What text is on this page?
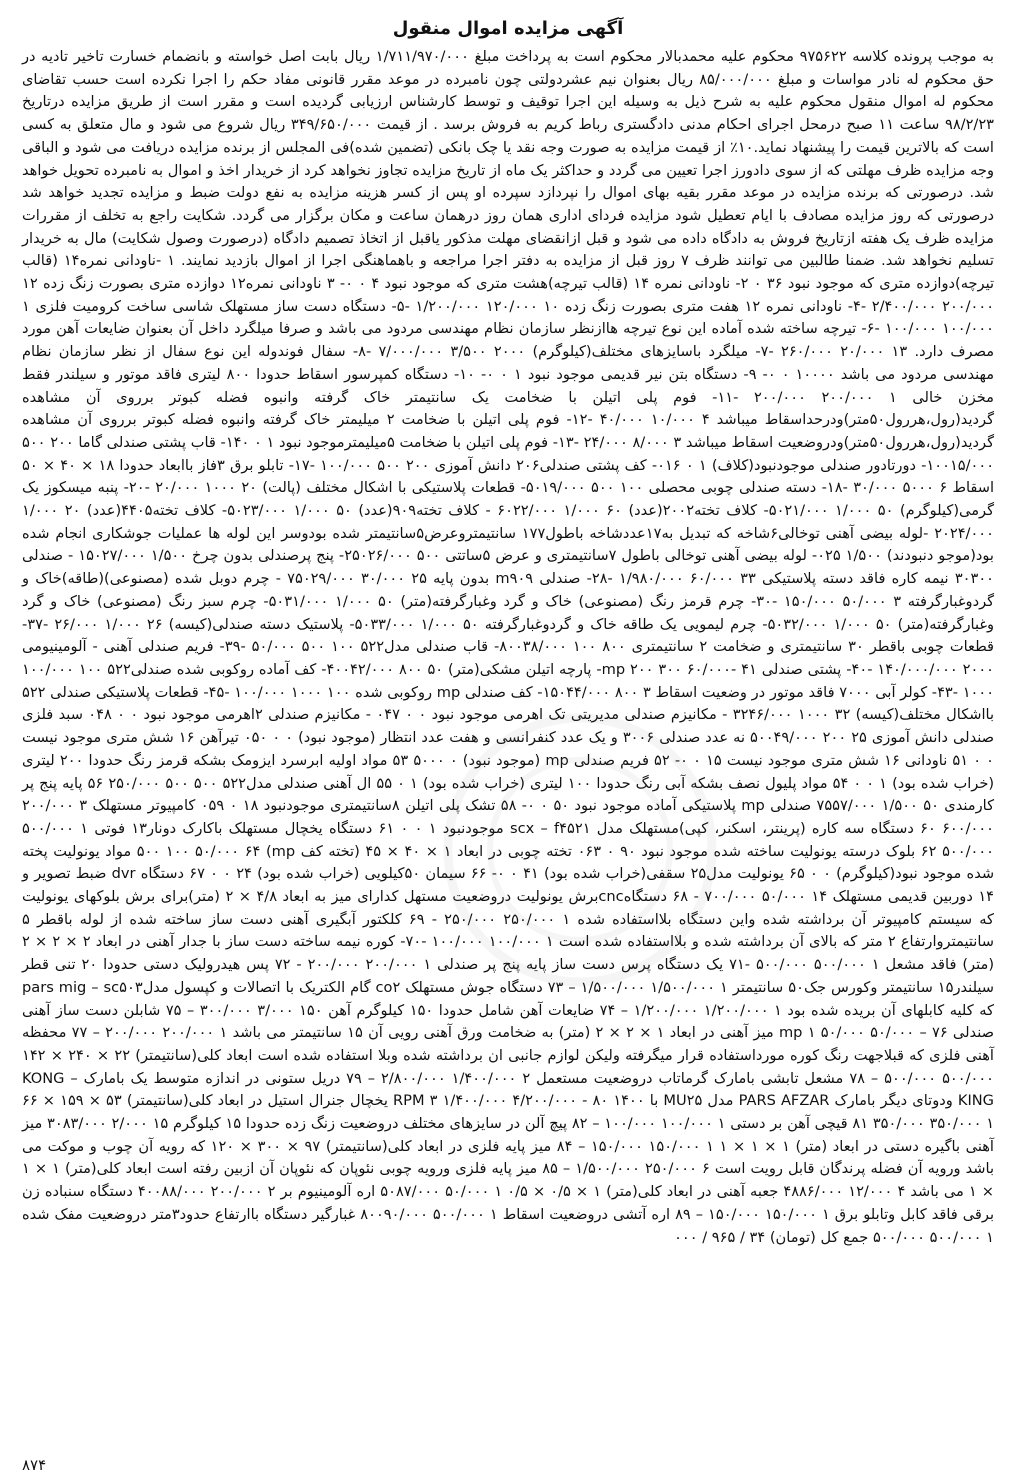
آگهی مزایده اموال منقول
به موجب پرونده کلاسه ۹۷۵۶۲۲ محکوم علیه محمدبالار محکوم است به پرداخت مبلغ ۱/۷۱۱/۹۷۰/۰۰۰ ریال بابت اصل خواسته و بانضمام خسارت تاخیر تادیه در حق محکوم له نادر مواسات و مبلغ ۸۵/۰۰۰/۰۰۰ ریال بعنوان نیم عشردولتی چون نامبرده در موعد مقرر قانونی مفاد حکم را اجرا نکرده است حسب تقاضای محکوم له اموال منقول محکوم علیه به شرح ذیل به وسیله این اجرا توقیف و توسط کارشناس ارزیابی گردیده است و مقرر است از طریق مزایده درتاریخ ۹۸/۲/۲۳ ساعت ۱۱ صبح درمحل اجرای احکام مدنی دادگستری رباط کریم به فروش برسد . از قیمت ۳۴۹/۶۵۰/۰۰۰ ریال شروع می شود و مال متعلق به کسی است که بالاترین قیمت را پیشنهاد نماید.۱۰٪ از قیمت مزایده به صورت وجه نقد یا چک بانکی (تضمین شده)فی المجلس از برنده مزایده دریافت می شود و الباقی وجه مزایده ظرف مهلتی که از سوی دادورز اجرا تعیین می گردد و حداکثر یک ماه از تاریخ مزایده تجاوز نخواهد کرد از خریدار اخذ و اموال به نامبرده تحویل خواهد شد. درصورتی که برنده مزایده در موعد مقرر بقیه بهای اموال را نپردازد سپرده او پس از کسر هزینه مزایده به نفع دولت ضبط و مزایده تجدید خواهد شد درصورتی که روز مزایده مصادف با ایام تعطیل شود مزایده فردای اداری همان روز درهمان ساعت و مکان برگزار می گردد. شکایت راجع به تخلف از مقررات مزایده ظرف یک هفته ازتاریخ فروش به دادگاه داده می شود و قبل ازانقضای مهلت مذکور یاقبل از اتخاذ تصمیم دادگاه (درصورت وصول شکایت) مال به خریدار تسلیم نخواهد شد. ضمنا طالبین می توانند ظرف ۷ روز قبل از مزایده به دفتر اجرا مراجعه و باهماهنگی اجرا از اموال بازدید نمایند. ۱ -ناودانی نمره۱۴ (قالب تیرچه)دوازده متری که موجود نبود ۳۶ ۰ ۲- ناودانی نمره ۱۴ (قالب تیرچه)هشت متری که موجود نبود ۴ ۰ ۰- ۳ ناودانی نمره۱۲ دوازده متری بصورت زنگ زده ۱۲ ۲۰۰/۰۰۰ ۲/۴۰۰/۰۰۰ -۴- ناودانی نمره ۱۲ هفت متری بصورت زنگ زده ۱۰ ۱۲۰/۰۰۰ ۱/۲۰۰/۰۰۰ -۵- دستگاه دست ساز مستهلک شاسی ساخت کرومیت فلزی ۱ ۱۰۰/۰۰۰ ۱۰۰/۰۰۰ -۶- تیرچه ساخته شده آماده این نوع تیرچه هاازنظر سازمان نظام مهندسی مردود می باشد و صرفا میلگرد داخل آن بعنوان ضایعات آهن مورد مصرف دارد. ۱۳ ۲۰/۰۰۰ ۲۶۰/۰۰۰ -۷- میلگرد باسایزهای مختلف(کیلوگرم) ۲۰۰۰ ۳/۵۰۰ ۷/۰۰۰/۰۰۰ -۸- سفال فوندوله این نوع سفال از نظر سازمان نظام مهندسی مردود می باشد ۱۰۰۰۰ ۰ ۰- ۹- دستگاه بتن نیر قدیمی موجود نبود ۱ ۰ ۰- ۱۰- دستگاه کمپرسور اسقاط حدودا ۸۰۰ لیتری فاقد موتور و سیلندر فقط مخزن خالی ۱ ۲۰۰/۰۰۰ ۲۰۰/۰۰۰ -۱۱- فوم پلی اتیلن با ضخامت یک سانتیمتر خاک گرفته وانبوه فضله کبوتر برروی آن مشاهده گردید(رول،هررول۵۰متر)ودرحداسقاط میباشد ۴ ۱۰/۰۰۰ ۴۰/۰۰۰ -۱۲- فوم پلی اتیلن با ضخامت ۲ میلیمتر خاک گرفته وانبوه فضله کبوتر برروی آن مشاهده گردید(رول،هررول۵۰متر)ودروضعیت اسقاط میباشد ۳ ۸/۰۰۰ ۲۴/۰۰۰ -۱۳- فوم پلی اتیلن با ضخامت ۵میلیمترموجود نبود ۱ ۰ ۱۴۰- قاب پشتی صندلی گاما ۲۰۰ ۵۰۰ ۱۰۰۱۵/۰۰۰- دورتادور صندلی موجودنبود(کلاف) ۱ ۰ ۰۱۶- کف پشتی صندلی۲۰۶ دانش آموزی ۲۰۰ ۵۰۰ ۱۰۰/۰۰۰ -۱۷- تابلو برق ۳فاز باابعاد حدودا ۱۸ × ۴۰ × ۵۰ اسقاط ۶ ۵۰۰۰ ۳۰/۰۰۰ -۱۸- دسته صندلی چوبی محصلی ۱۰۰ ۵۰۰ ۵۰۱۹/۰۰۰- قطعات پلاستیکی با اشکال مختلف (پالت) ۲۰ ۱۰۰۰ ۲۰/۰۰۰ -۲۰- پنبه میسکوز یک گرمی(کیلوگرم) ۵۰ ۱/۰۰۰ ۵۰۲۱/۰۰۰- کلاف تخته۲۰۰۲(عدد) ۶۰ ۱/۰۰۰ ۶۰۲۲/۰۰۰ - کلاف تخته۹۰۹(عدد) ۵۰ ۱/۰۰۰ ۵۰۲۳/۰۰۰- کلاف تخته۴۴۰۵(عدد) ۲۰ ۱/۰۰۰ ۲۰۲۴/۰۰۰ -لوله بیضی آهنی توخالی۶شاخه که تبدیل به۱۷عددشاخه باطول۱۷۷ سانتیمتروعرض۵سانتیمتر شده بودوسر این لوله ها عملیات جوشکاری انجام شده بود(موجو دنبودند) ۱/۵۰۰ ۰۲۵- لوله بیضی آهنی توخالی باطول ۷سانتیمتری و عرض ۵ساتتی ۵۰۰ ۲۵۰۲۶/۰۰۰- پنج پرصندلی بدون چرخ ۱/۵۰۰ ۱۵۰۲۷/۰۰۰ - صندلی ۳۰۳۰۰ نیمه کاره فاقد دسته پلاستیکی ۳۳ ۶۰/۰۰۰ ۱/۹۸۰/۰۰۰ -۲۸- صندلی m۹۰۹ بدون پایه ۲۵ ۳۰/۰۰۰ ۷۵۰۲۹/۰۰۰ - چرم دوبل شده (مصنوعی)(طاقه)خاک و گردوغبارگرفته ۳ ۵۰/۰۰۰ ۱۵۰/۰۰۰ -۳۰- چرم قرمز رنگ (مصنوعی) خاک و گرد وغبارگرفته(متر) ۵۰ ۱/۰۰۰ ۵۰۳۱/۰۰۰- چرم سبز رنگ (مصنوعی) خاک و گرد وغبارگرفته(متر) ۵۰ ۱/۰۰۰ ۵۰۳۲/۰۰۰- چرم لیمویی یک طاقه خاک و گردوغبارگرفته ۵۰ ۱/۰۰۰ ۵۰۳۳/۰۰۰- پلاستیک دسته صندلی(کیسه) ۲۶ ۱/۰۰۰ ۲۶/۰۰۰ -۳۷- قطعات چوبی باقطر ۳۰ سانتیمتری و ضخامت ۲ سانتیمتری ۸۰۰ ۱۰۰ ۸۰۰۳۸/۰۰۰- قاب صندلی مدل۵۲۲ ۱۰۰ ۵۰۰ ۵۰/۰۰۰ -۳۹- فریم صندلی آهنی - آلومینیومی ۲۰۰۰ ۱۴۰/۰۰۰/۰۰۰ -۴۰- پشتی صندلی mp ۲۰۰ ۳۰۰ ۶۰/۰۰۰- ۴۱- پارچه اتیلن مشکی(متر) ۵۰ ۸۰۰ ۴۰۰۴۲/۰۰۰- کف آماده روکوبی شده صندلی۵۲۲ ۱۰۰ ۱۰۰/۰۰۰ ۱۰۰۰ -۴۳- کولر آبی ۷۰۰۰ فاقد موتور در وضعیت اسقاط ۳ ۸۰۰ ۱۵۰۴۴/۰۰۰- کف صندلی mp روکوبی شده ۱۰۰ ۱۰۰۰ ۱۰۰/۰۰۰ -۴۵- قطعات پلاستیکی صندلی ۵۲۲ بااشکال مختلف(کیسه) ۳۲ ۱۰۰۰ ۳۲۴۶/۰۰۰ - مکانیزم صندلی مدیریتی تک اهرمی موجود نبود ۰ ۰ ۰۴۷ - مکانیزم صندلی ۲اهرمی موجود نبود ۰ ۰ ۰۴۸ سبد فلزی صندلی دانش آموزی ۲۵ ۲۰۰ ۵۰۰۴۹/۰۰۰ نه عدد صندلی ۳۰۰۶ و یک عدد کنفرانسی و هفت عدد انتظار (موجود نبود) ۰ ۰ ۰۵۰ تیرآهن ۱۶ شش متری موجود نیست ۰ ۰ ۵۱ ناودانی ۱۶ شش متری موجود نیست ۱۵ ۰ ۰- ۵۲ فریم صندلی mp (موجود نبود) ۰ ۵۰۰۰ ۵۳ مواد اولیه ابرسرد ایزومک بشکه قرمز رنگ حدودا ۲۰۰ لیتری (خراب شده بود) ۱ ۰ ۰ ۵۴ مواد پلیول نصف بشکه آبی رنگ حدودا ۱۰۰ لیتری (خراب شده بود) ۱ ۰ ۵۵ ال آهنی صندلی مدل۵۲۲ ۵۰۰ ۵۰۰ ۲۵۰/۰۰۰ ۵۶ پایه پنج پر کارمندی ۵۰ ۱/۵۰۰ ۷۵۵۷/۰۰۰ صندلی mp پلاستیکی آماده موجود نبود ۵۰ ۰ ۰- ۵۸ تشک پلی اتیلن ۸سانتیمتری موجودنبود ۱۸ ۰ ۰۵۹ کامپیوتر مستهلک ۳ ۲۰۰/۰۰۰ ۶۰۰/۰۰۰ ۶۰ دستگاه سه کاره (پرینتر، اسکنر، کپی)مستهلک مدل scx – f۴۵۲۱ موجودنبود ۱ ۰ ۰ ۶۱ دستگاه یخچال مستهلک باکارک دونار۱۳ فوتی ۱ ۵۰۰/۰۰۰ ۵۰۰/۰۰۰ ۶۲ بلوک درسته یونولیت ساخته شده موجود نبود ۹۰ ۰ ۰۶۳ تخته چوبی در ابعاد ۱ × ۴۰ × ۴۵ (تخته کف mp) ۵۰۰ ۱۰۰ ۵۰/۰۰۰ ۶۴ مواد یونولیت پخته شده موجود نبود(کیلوگرم) ۰ ۰ ۶۵ یونولیت مدل۲۵ سقفی(خراب شده بود) ۴۱ ۰ ۰- ۶۶ سیمان ۵۰کیلویی (خراب شده بود) ۲۴ ۰ ۰ ۶۷ دستگاه dvr ضبط تصویر و ۱۴ دوربین قدیمی مستهلک ۱۴ ۵۰/۰۰۰ ۷۰۰/۰۰۰ - ۶۸ دستگاهcncبرش یونولیت دروضعیت مستهل کدارای میز به ابعاد ۴/۸ × ۲ (متر)برای برش بلوکهای یونولیت که سیستم کامپیوتر آن برداشته شده واین دستگاه بلااستفاده شده ۱ ۲۵۰/۰۰۰ ۲۵۰/۰۰۰ - ۶۹ کلکتور آبگیری آهنی دست ساز ساخته شده از لوله باقطر ۵ سانتیمتروارتفاع ۲ متر که بالای آن برداشته شده و بلااستفاده شده است ۱ ۱۰۰/۰۰۰ ۱۰۰/۰۰۰ -۷۰- کوره نیمه ساخته دست ساز با جدار آهنی در ابعاد ۲ × ۲ × ۲ (متر) فاقد مشعل ۱ ۵۰۰/۰۰۰ ۵۰۰/۰۰۰ -۷۱ یک دستگاه پرس دست ساز پایه پنج پر صندلی ۱ ۲۰۰/۰۰۰ ۲۰۰/۰۰۰ - ۷۲ پس هیدرولیک دستی حدودا ۲۰ تنی قطر سیلندر۱۵ سانتیمتر وکورس جک۵۰ سانتیمتر ۱ ۱/۵۰۰/۰۰۰ ۱/۵۰۰/۰۰۰ – ۷۳ دستگاه جوش مستهلک co۲ گام الکتریک با اتصالات و کپسول مدلpars mig – sc۵۰۳ که کلیه کابلهای آن بریده شده بود ۱ ۱/۲۰۰/۰۰۰ ۱/۲۰۰/۰۰۰ – ۷۴ ضایعات آهن شامل حدودا ۱۵۰ کیلوگرم آهن ۱۵۰ ۳/۰۰۰ ۳۰۰/۰۰۰ – ۷۵ شابلن دست ساز آهنی صندلی mp ۱ ۵۰/۰۰۰ ۵۰/۰۰۰ – ۷۶ میز آهنی در ابعاد ۱ × ۲ × ۲ (متر) به ضخامت ورق آهنی رویی آن ۱۵ سانتیمتر می باشد ۱ ۲۰۰/۰۰۰ ۲۰۰/۰۰۰ – ۷۷ محفظه آهنی فلزی که قبلاجهت رنگ کوره مورداستفاده قرار میگرفته ولیکن لوازم جانبی ان برداشته شده وبلا استفاده شده است ابعاد کلی(سانتیمتر) ۲۲ × ۲۴۰ × ۱۴۲ ۵۰۰/۰۰۰ ۵۰۰/۰۰۰ – ۷۸ مشعل تابشی بامارک گرماتاب دروضعیت مستعمل ۲ ۱/۴۰۰/۰۰۰ ۲/۸۰۰/۰۰۰ – ۷۹ دریل ستونی در اندازه متوسط یک بامارک KONG – KING ودوتای دیگر بامارک PARS AFZAR مدل MU۲۵ با ۱۴۰۰ RPM ۳ ۱/۴۰۰/۰۰۰ ۴/۲۰۰/۰۰۰ - ۸۰ یخچال جنرال استیل در ابعاد کلی(سانتیمتر) ۵۳ × ۱۵۹ × ۶۶ ۱ ۳۵۰/۰۰۰ ۳۵۰/۰۰۰ ۸۱ قیچی آهن بر دستی ۱ ۱۰۰/۰۰۰ ۱۰۰/۰۰۰ – ۸۲ پیچ آلن در سایزهای مختلف دروضعیت زنگ زده حدودا ۱۵ کیلوگرم ۱۵ ۲/۰۰۰ ۳۰۸۳/۰۰۰ میز آهنی باگیره دستی در ابعاد (متر) ۱ × ۱ × ۱ ۱ ۱۵۰/۰۰۰ ۱۵۰/۰۰۰ – ۸۴ میز پایه فلزی در ابعاد کلی(سانتیمتر) ۹۷ × ۳۰۰ × ۱۲۰ که رویه آن چوب و موکت می باشد ورویه آن فضله پرندگان قابل رویت است ۶ ۲۵۰/۰۰۰ ۱/۵۰۰/۰۰۰ – ۸۵ میز پایه فلزی ورویه چوبی نئوپان که نئوپان آن ازبین رفته است ابعاد کلی(متر) ۱ × ۱ × ۱ می باشد ۴ ۱۲/۰۰۰ ۴۸۸۶/۰۰۰ جعبه آهنی در ابعاد کلی(متر) ۱ × ۰/۵ × ۰/۵ ۱ ۵۰/۰۰۰ ۵۰۸۷/۰۰۰ اره آلومینیوم بر ۲ ۲۰۰/۰۰۰ ۴۰۰۸۸/۰۰۰ دستگاه سنباده زن برقی فاقد کابل وتابلو برق ۱ ۱۵۰/۰۰۰ ۱۵۰/۰۰۰ – ۸۹ اره آتشی دروضعیت اسقاط ۱ ۵۰۰/۰۰۰ ۸۰۰۹۰/۰۰۰ غبارگیر دستگاه باارتفاع حدود۳متر دروضعیت مفک شده ۱ ۵۰۰/۰۰۰ ۵۰۰/۰۰۰ جمع کل (تومان) ۳۴ / ۹۶۵ / ۰۰۰
۸۷۴
